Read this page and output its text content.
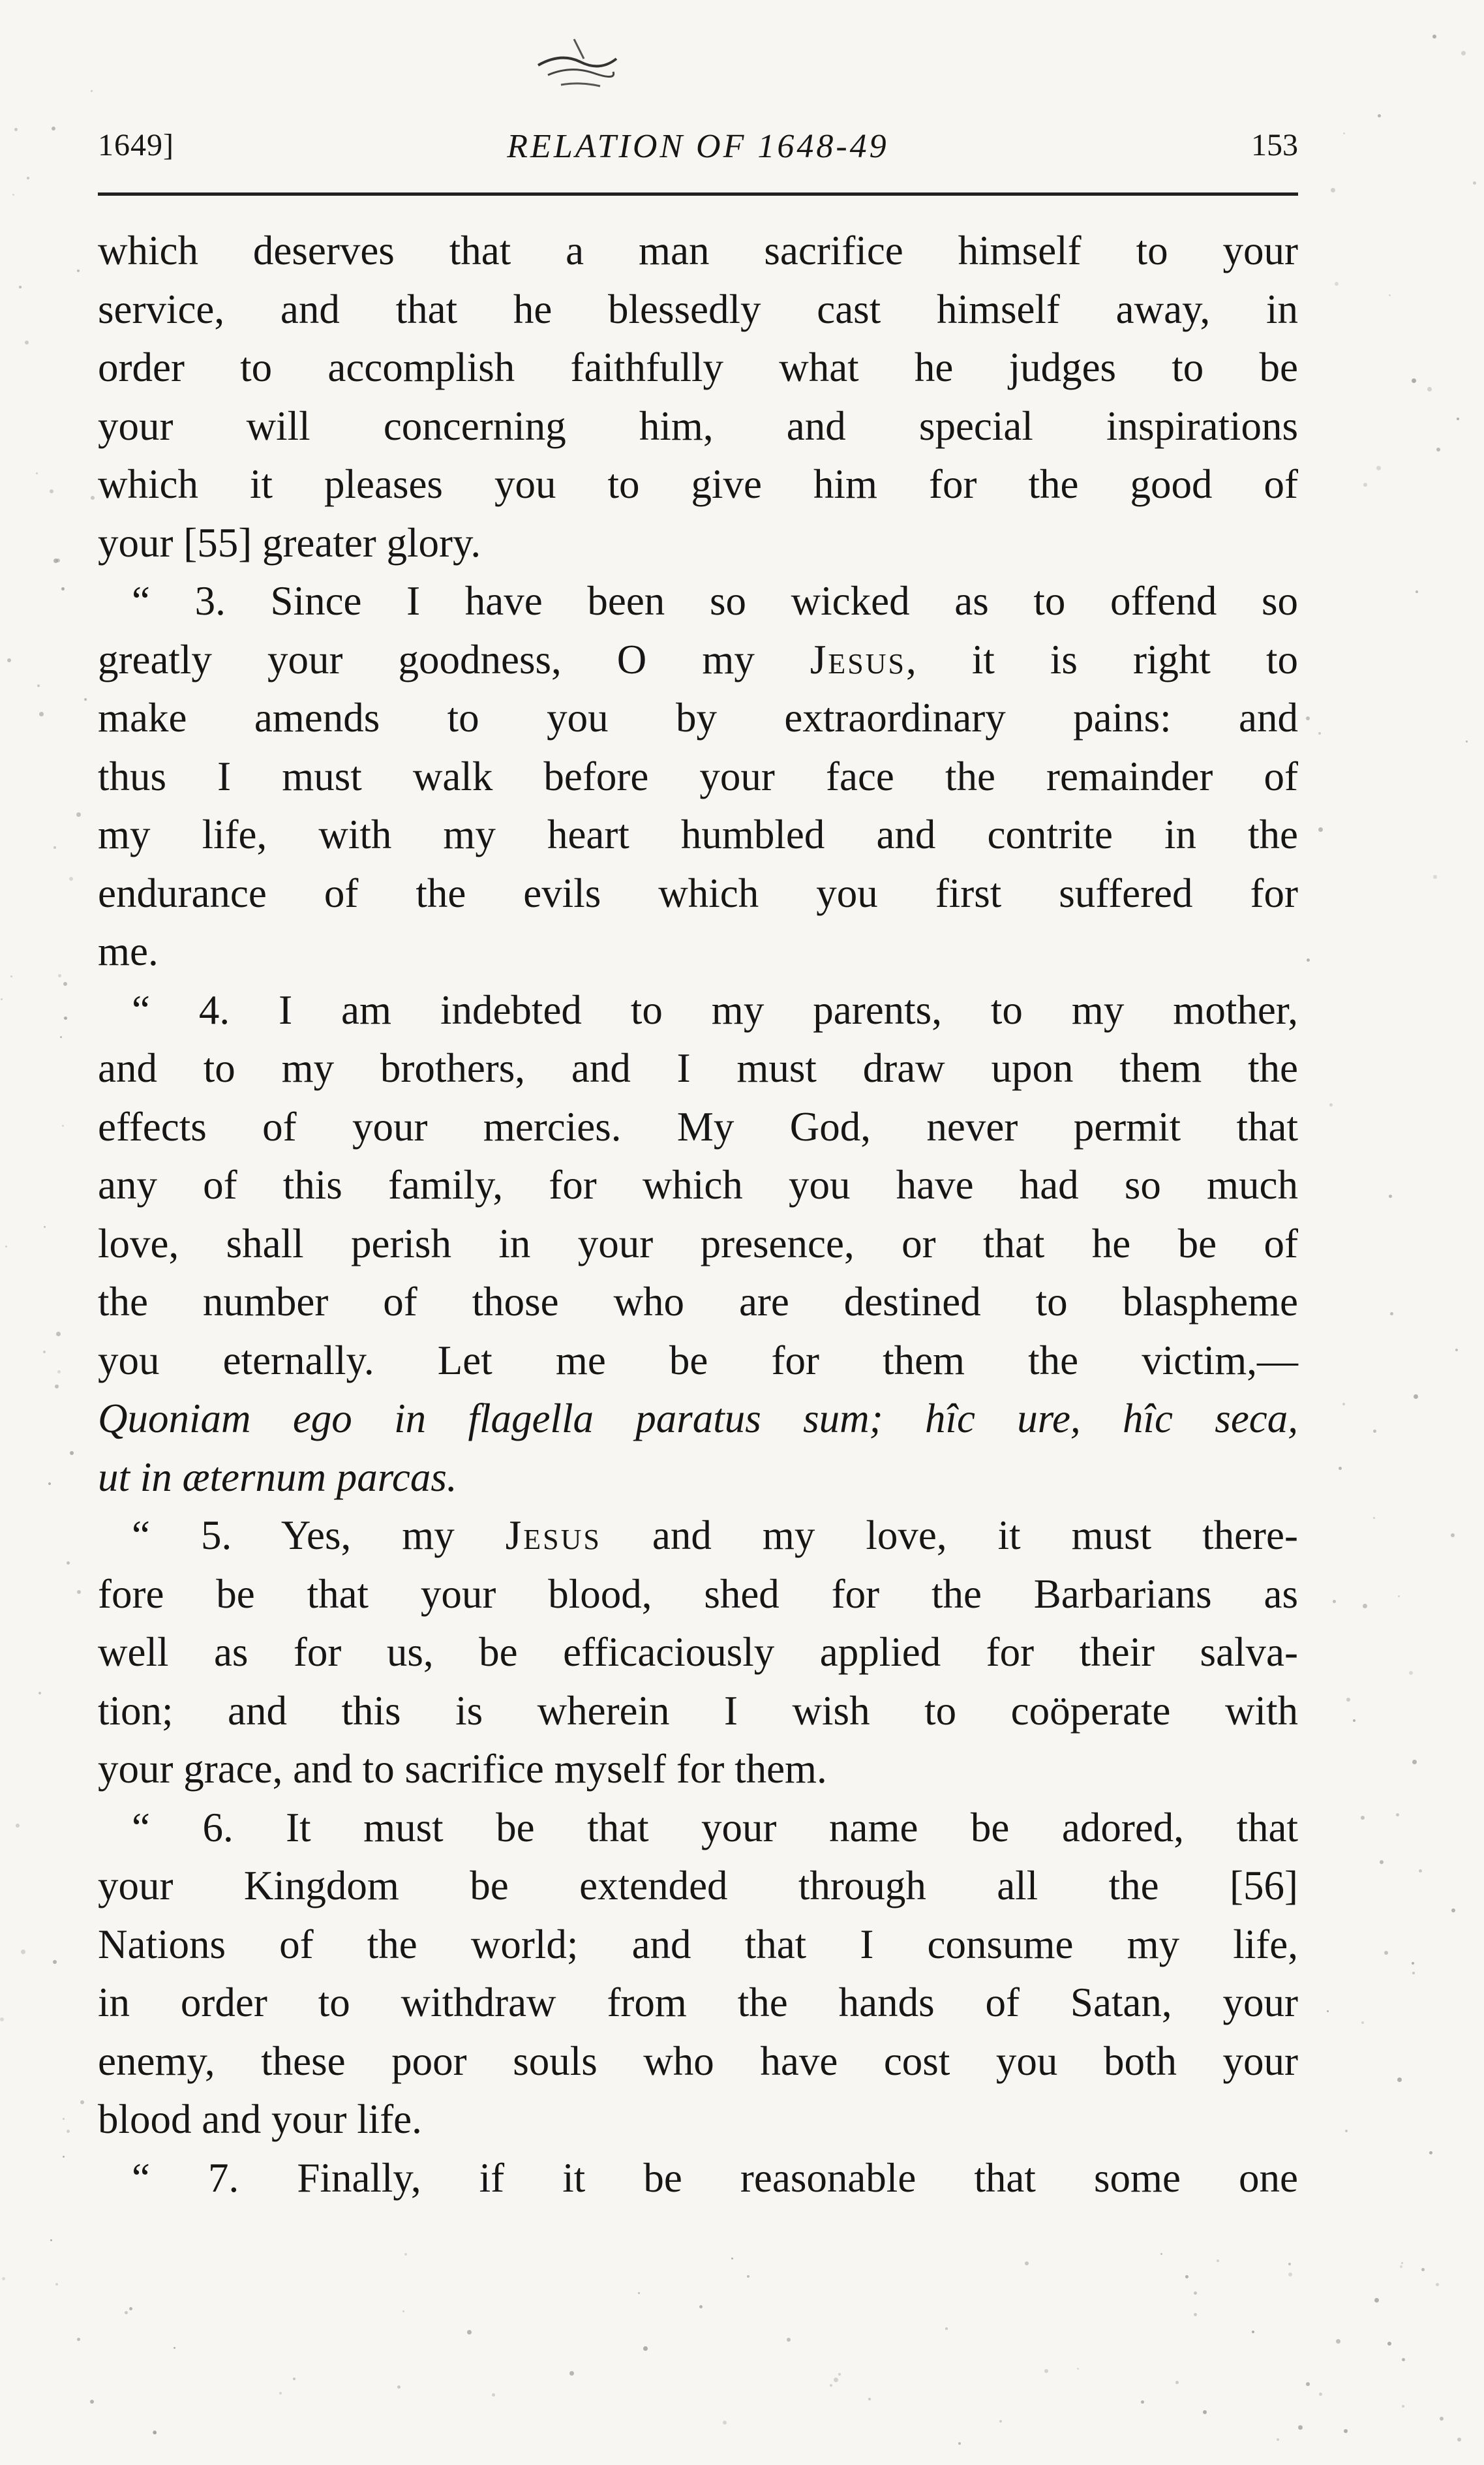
1649]	RELATION OF 1648-49	153
which deserves that a man sacrifice himself to your
service, and that he blessedly cast himself away, in
order to accomplish faithfully what he judges to be
your will concerning him, and special inspirations
which it pleases you to give him for the good of
your [55] greater glory.
“ 3. Since I have been so wicked as to offend so
greatly your goodness, O my Jesus, it is right to
make amends to you by extraordinary pains: and
thus I must walk before your face the remainder of
my life, with my heart humbled and contrite in the
endurance of the evils which you first suffered for
me.
“ 4. I am indebted to my parents, to my mother,
and to my brothers, and I must draw upon them the
effects of your mercies. My God, never permit that
any of this family, for which you have had so much
love, shall perish in your presence, or that he be of
the number of those who are destined to blaspheme
you eternally. Let me be for them the victim,—
Quoniam ego in flagella paratus sum; hîc ure, hîc seca,
ut in æternum parcas.
“ 5. Yes, my Jesus and my love, it must there-
fore be that your blood, shed for the Barbarians as
well as for us, be efficaciously applied for their salva-
tion; and this is wherein I wish to coöperate with
your grace, and to sacrifice myself for them.
“ 6. It must be that your name be adored, that
your Kingdom be extended through all the [56]
Nations of the world; and that I consume my life,
in order to withdraw from the hands of Satan, your
enemy, these poor souls who have cost you both your
blood and your life.
“ 7. Finally, if it be reasonable that some one
